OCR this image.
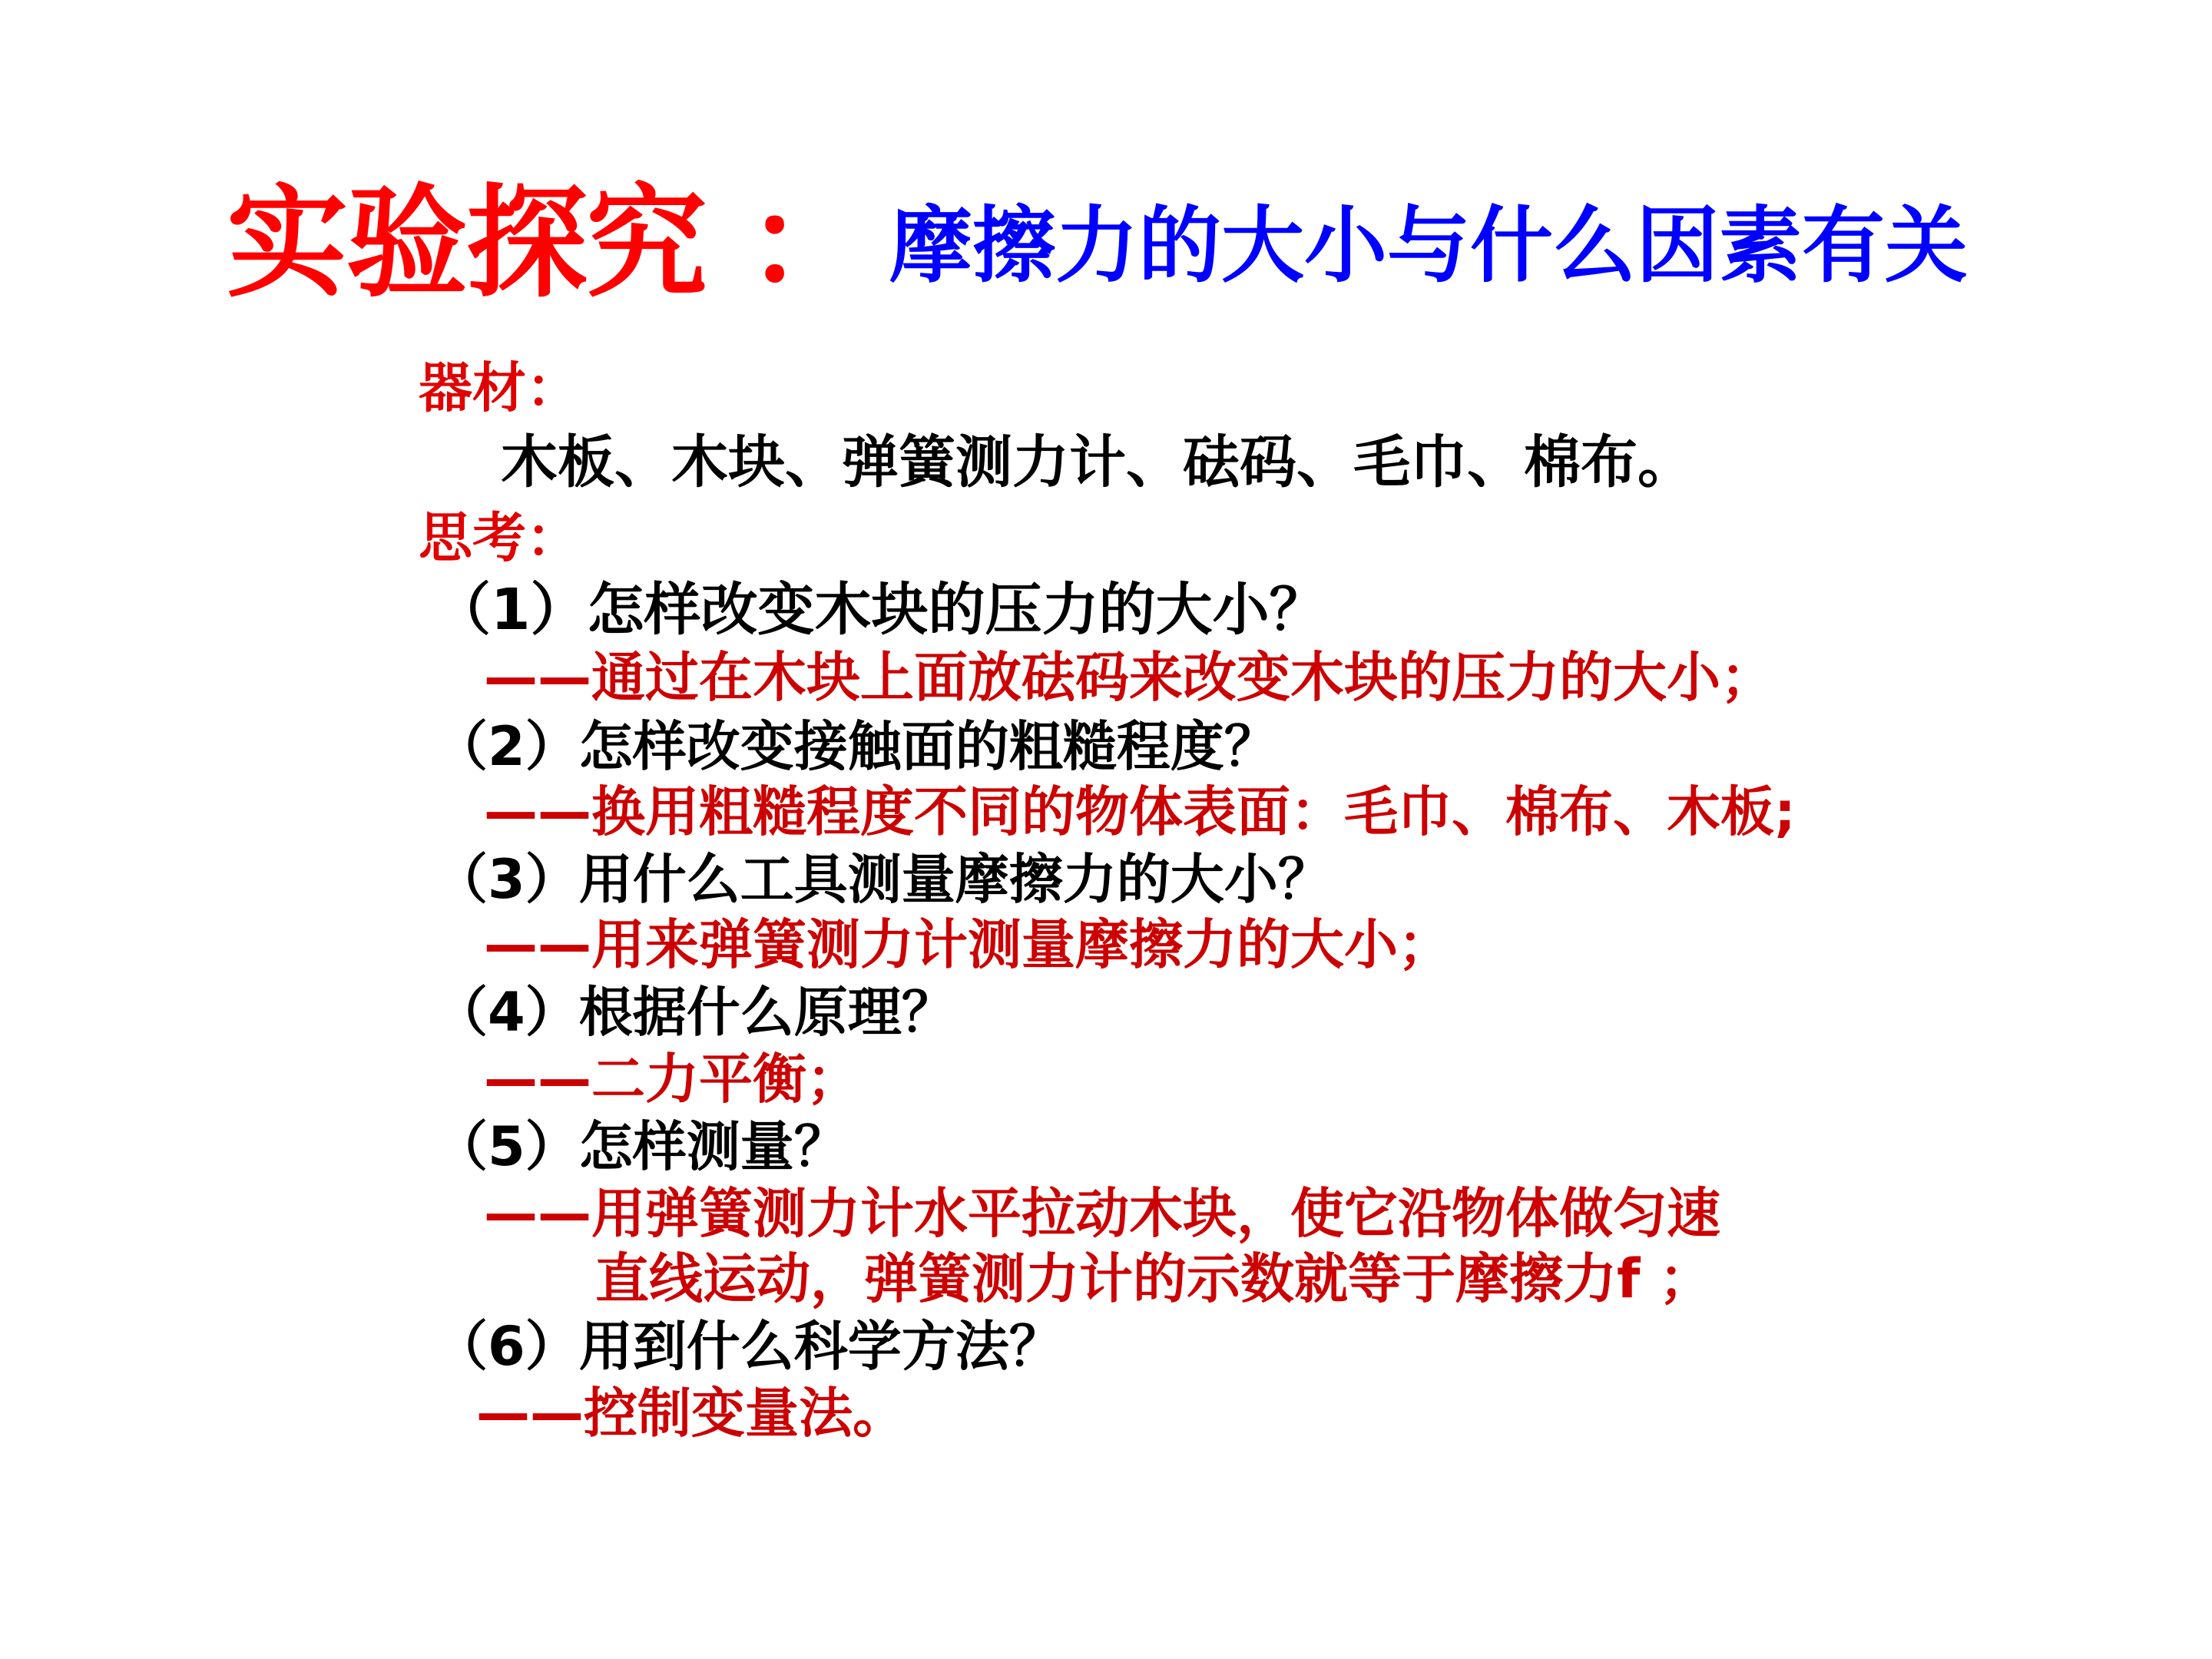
实验探究 ： 摩擦力的大小与什么因素有关
器材：
木板、木块、弹簧测力计、砝码、毛巾、棉布。
思考：
（1）怎样改变木块的压力的大小？
——通过在木块上面放砝码来改变木块的压力的大小；
（2）怎样改变接触面的粗糙程度？
——换用粗糙程度不同的物体表面：毛巾、棉布、木板;
（3）用什么工具测量摩擦力的大小？
——用来弹簧测力计测量摩擦力的大小；
（4）根据什么原理？
——二力平衡；
（5）怎样测量？
——用弹簧测力计水平拉动木块，使它沿物体做匀速
直线运动，弹簧测力计的示数就等于摩擦力f ；
（6）用到什么科学方法？
——控制变量法。
